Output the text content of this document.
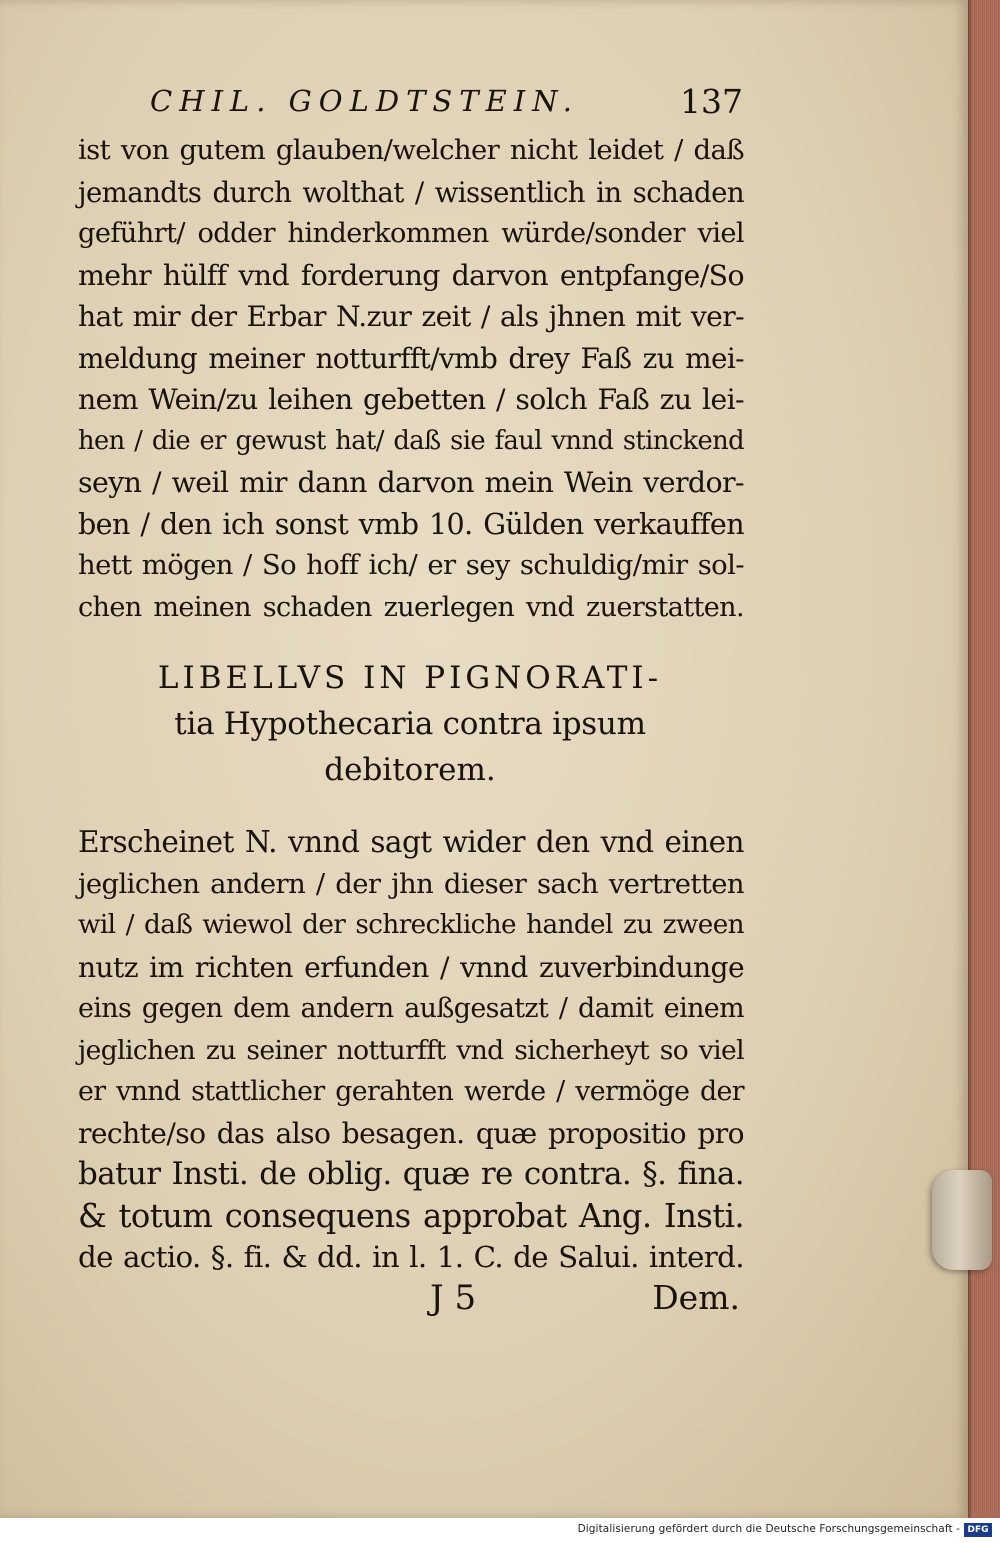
CHIL. GOLDTSTEIN.	137
ist von gutem glauben/welcher nicht leidet / daß
jemandts durch wolthat / wissentlich in schaden
geführt/ odder hinderkommen würde/sonder viel
mehr hülff vnd forderung darvon entpfange/So
hat mir der Erbar N.zur zeit / als jhnen mit ver-
meldung meiner notturfft/vmb drey Faß zu mei-
nem Wein/zu leihen gebetten / solch Faß zu lei-
hen / die er gewust hat/ daß sie faul vnnd stinckend
seyn / weil mir dann darvon mein Wein verdor-
ben / den ich sonst vmb 10. Gülden verkauffen
hett mögen / So hoff ich/ er sey schuldig/mir sol-
chen meinen schaden zuerlegen vnd zuerstatten.
LIBELLVS IN PIGNORATI-
tia Hypothecaria contra ipsum
debitorem.
Erscheinet N. vnnd sagt wider den vnd einen
jeglichen andern / der jhn dieser sach vertretten
wil / daß wiewol der schreckliche handel zu zween
nutz im richten erfunden / vnnd zuverbindunge
eins gegen dem andern außgesatzt / damit einem
jeglichen zu seiner notturfft vnd sicherheyt so viel
er vnnd stattlicher gerahten werde / vermöge der
rechte/so das also besagen. quæ propositio pro
batur Insti. de oblig. quæ re contra. §. fina.
& totum consequens approbat Ang. Insti.
de actio. §. fi. & dd. in l. 1. C. de Salui. interd.
J 5	Dem.
Digitalisierung gefördert durch die Deutsche Forschungsgemeinschaft - DFG
